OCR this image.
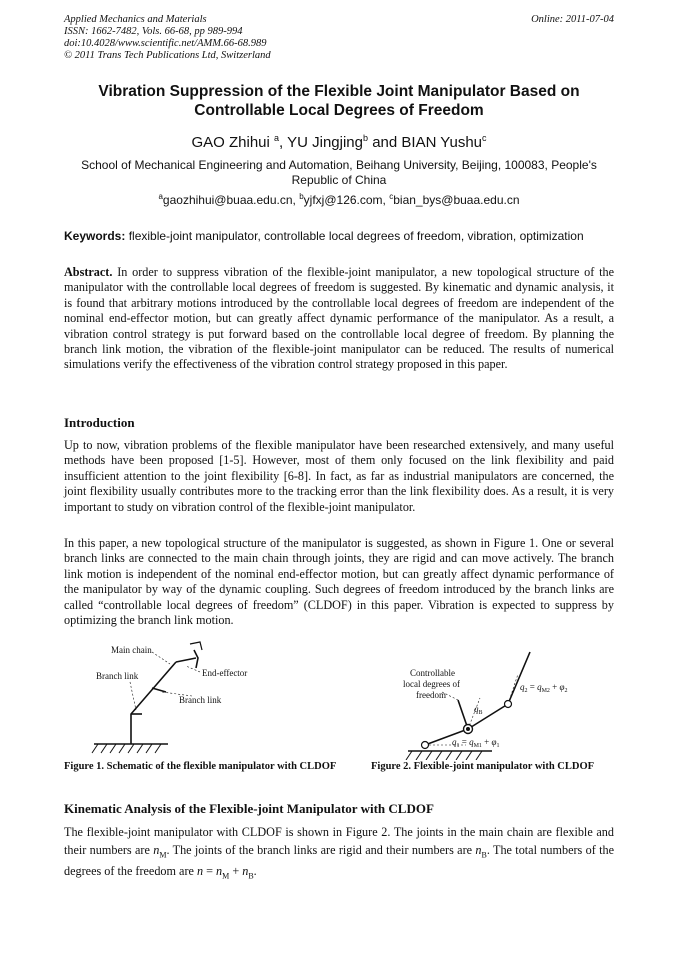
Applied Mechanics and Materials
ISSN: 1662-7482, Vols. 66-68, pp 989-994
doi:10.4028/www.scientific.net/AMM.66-68.989
© 2011 Trans Tech Publications Ltd, Switzerland
Online: 2011-07-04
Vibration Suppression of the Flexible Joint Manipulator Based on
Controllable Local Degrees of Freedom
GAO Zhihui $^a$, YU Jingjing$^b$ and BIAN Yushu$^c$
School of Mechanical Engineering and Automation, Beihang University, Beijing, 100083, People's Republic of China
$^a$gaozhihui@buaa.edu.cn, $^b$yjfxj@126.com, $^c$bian_bys@buaa.edu.cn
Keywords: flexible-joint manipulator, controllable local degrees of freedom, vibration, optimization

Abstract. In order to suppress vibration of the flexible-joint manipulator, a new topological structure of the manipulator with the controllable local degrees of freedom is suggested. By kinematic and dynamic analysis, it is found that arbitrary motions introduced by the controllable local degrees of freedom are independent of the nominal end-effector motion, but can greatly affect dynamic performance of the manipulator. As a result, a vibration control strategy is put forward based on the controllable local degree of freedom. By planning the branch link motion, the vibration of the flexible-joint manipulator can be reduced. The results of numerical simulations verify the effectiveness of the vibration control strategy proposed in this paper.

Introduction

Up to now, vibration problems of the flexible manipulator have been researched extensively, and many useful methods have been proposed [1-5]. However, most of them only focused on the link flexibility and paid insufficient attention to the joint flexibility [6-8]. In fact, as far as industrial manipulators are concerned, the joint flexibility usually contributes more to the tracking error than the link flexibility does. As a result, it is very important to study on vibration control of the flexible-joint manipulator.

In this paper, a new topological structure of the manipulator is suggested, as shown in Figure 1. One or several branch links are connected to the main chain through joints, they are rigid and can move actively. The branch link motion is independent of the nominal end-effector motion, but can greatly affect dynamic performance of the manipulator by way of the dynamic coupling. Such degrees of freedom introduced by the branch links are called “controllable local degrees of freedom” (CLDOF) in this paper. Vibration is expected to suppress by optimizing the branch link motion.

Main chain
End-effector
Branch link
Branch link
Controllable
local degrees of
freedom
$q_B$
$q_2 = q_{M2} + \varphi_2$
$q_1 = q_{M1} + \varphi_1$
Figure 1. Schematic of the flexible manipulator with CLDOF	Figure 2. Flexible-joint manipulator with CLDOF
Kinematic Analysis of the Flexible-joint Manipulator with CLDOF

The flexible-joint manipulator with CLDOF is shown in Figure 2. The joints in the main chain are flexible and their numbers are $n_M$. The joints of the branch links are rigid and their numbers are $n_B$. The total numbers of the degrees of the freedom are $n = n_M + n_B$.
